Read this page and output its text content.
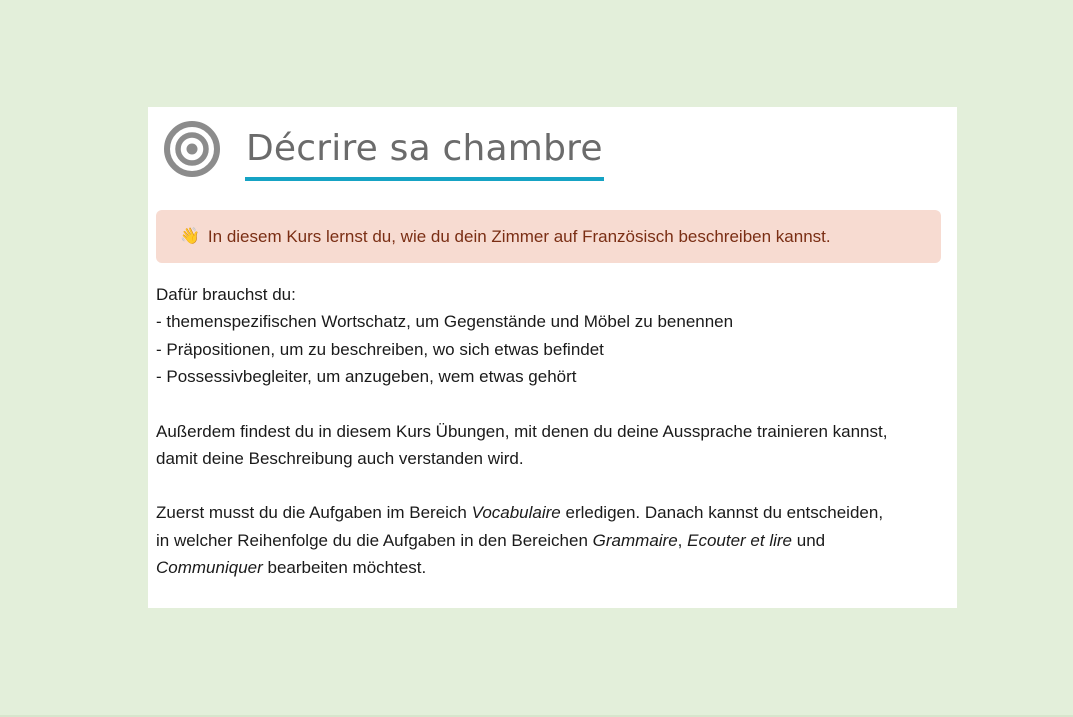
Décrire sa chambre
👋 In diesem Kurs lernst du, wie du dein Zimmer auf Französisch beschreiben kannst.

Dafür brauchst du:

- themenspezifischen Wortschatz, um Gegenstände und Möbel zu benennen

- Präpositionen, um zu beschreiben, wo sich etwas befindet

- Possessivbegleiter, um anzugeben, wem etwas gehört

Außerdem findest du in diesem Kurs Übungen, mit denen du deine Aussprache trainieren kannst,

damit deine Beschreibung auch verstanden wird.

Zuerst musst du die Aufgaben im Bereich Vocabulaire erledigen. Danach kannst du entscheiden,

in welcher Reihenfolge du die Aufgaben in den Bereichen Grammaire, Ecouter et lire und

Communiquer bearbeiten möchtest.
